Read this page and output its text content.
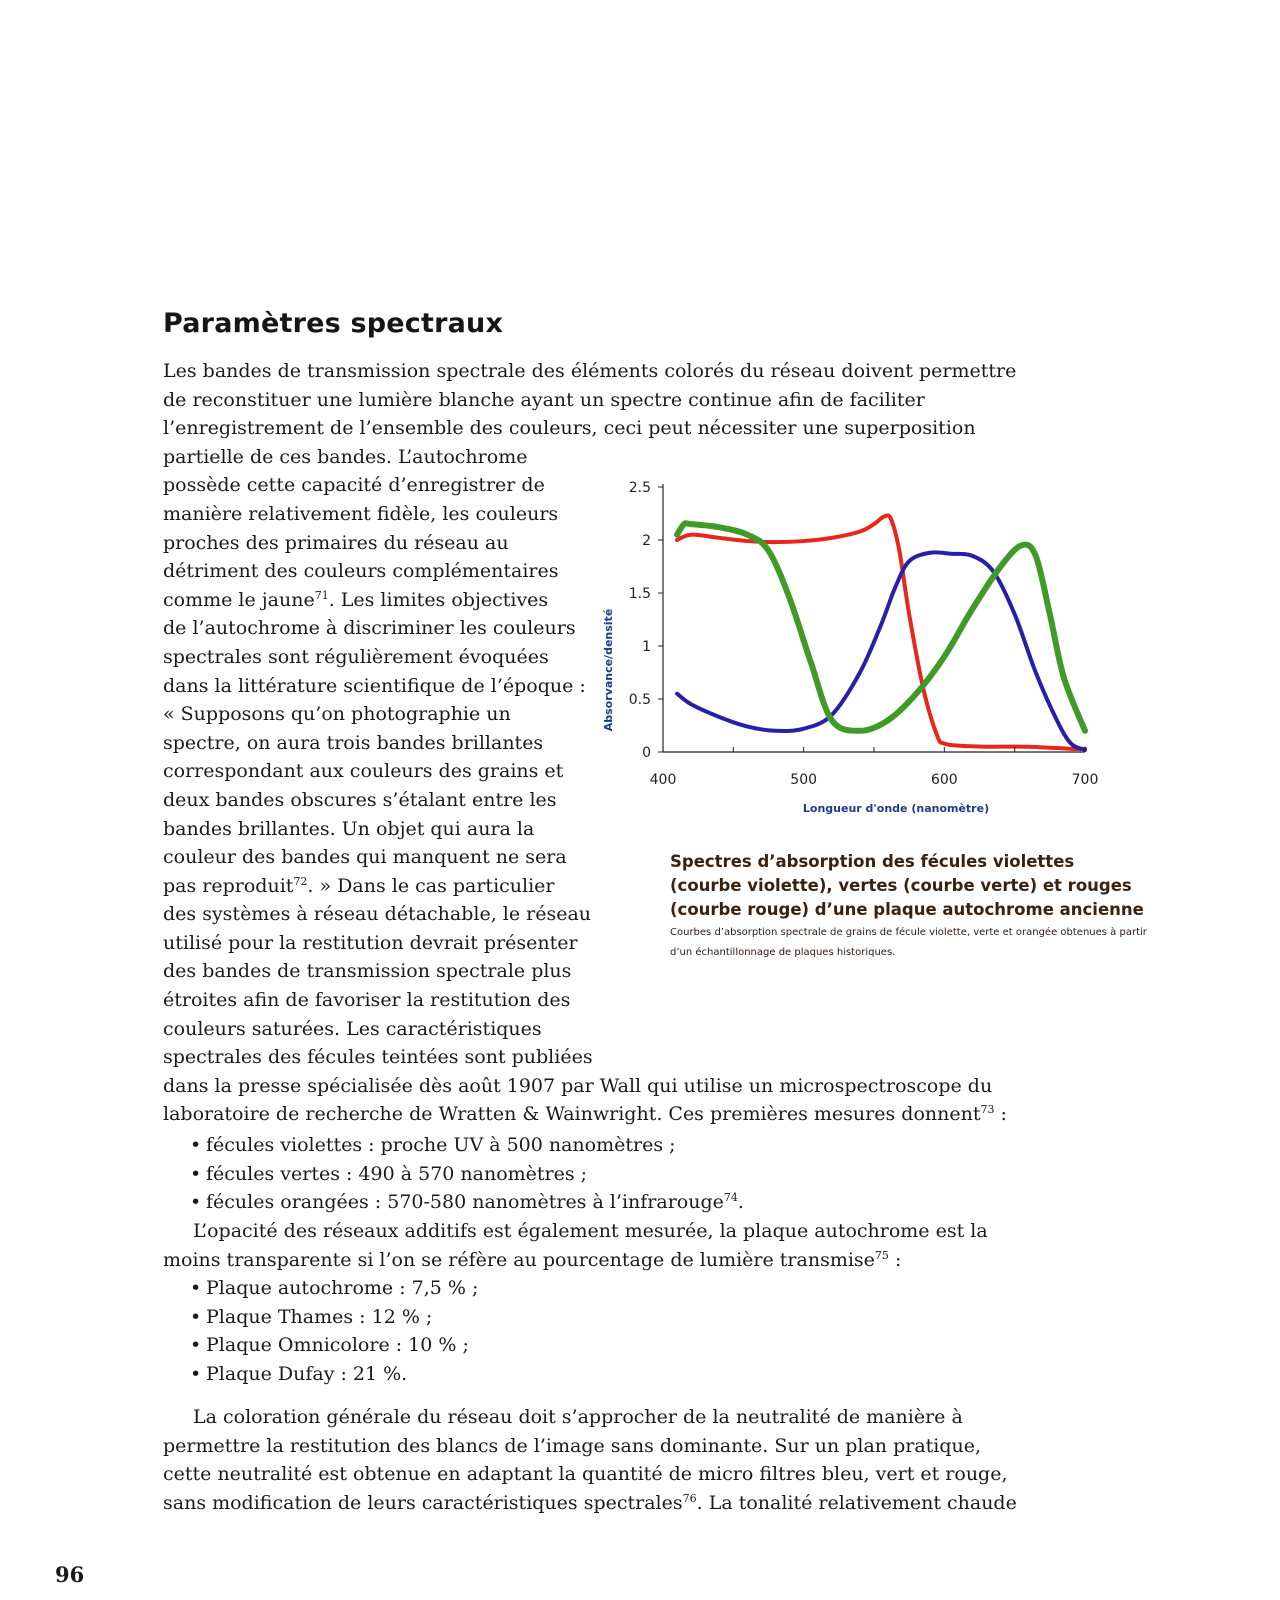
Paramètres spectraux
Les bandes de transmission spectrale des éléments colorés du réseau doivent permettre
de reconstituer une lumière blanche ayant un spectre continue afin de faciliter
l’enregistrement de l’ensemble des couleurs, ceci peut nécessiter une superposition
partielle de ces bandes. L’autochrome
possède cette capacité d’enregistrer de
manière relativement fidèle, les couleurs
proches des primaires du réseau au
détriment des couleurs complémentaires
comme le jaune$^{71}$. Les limites objectives
de l’autochrome à discriminer les couleurs
spectrales sont régulièrement évoquées
dans la littérature scientifique de l’époque :
« Supposons qu’on photographie un
spectre, on aura trois bandes brillantes
correspondant aux couleurs des grains et
deux bandes obscures s’étalant entre les
bandes brillantes. Un objet qui aura la
couleur des bandes qui manquent ne sera
pas reproduit$^{72}$. » Dans le cas particulier
des systèmes à réseau détachable, le réseau
utilisé pour la restitution devrait présenter
des bandes de transmission spectrale plus
étroites afin de favoriser la restitution des
couleurs saturées. Les caractéristiques
spectrales des fécules teintées sont publiées
dans la presse spécialisée dès août 1907 par Wall qui utilise un microspectroscope du
laboratoire de recherche de Wratten & Wainwright. Ces premières mesures donnent$^{73}$ :
• fécules violettes : proche UV à 500 nanomètres ;
• fécules vertes : 490 à 570 nanomètres ;
• fécules orangées : 570-580 nanomètres à l’infrarouge$^{74}$.
L’opacité des réseaux additifs est également mesurée, la plaque autochrome est la
moins transparente si l’on se réfère au pourcentage de lumière transmise$^{75}$ :
• Plaque autochrome : 7,5 % ;
• Plaque Thames : 12 % ;
• Plaque Omnicolore : 10 % ;
• Plaque Dufay : 21 %.
La coloration générale du réseau doit s’approcher de la neutralité de manière à
permettre la restitution des blancs de l’image sans dominante. Sur un plan pratique,
cette neutralité est obtenue en adaptant la quantité de micro filtres bleu, vert et rouge,
sans modification de leurs caractéristiques spectrales$^{76}$. La tonalité relativement chaude
0
0.5
1
1.5
2
2.5
400	500	600	700
Absorvance/densité
Longueur d'onde (nanomètre)

Spectres d’absorption des fécules violettes (courbe violette), vertes (courbe verte) et rouges (courbe rouge) d’une plaque autochrome ancienne

Courbes d’absorption spectrale de grains de fécule violette, verte et orangée obtenues à partir d’un échantillonnage de plaques historiques.

96
